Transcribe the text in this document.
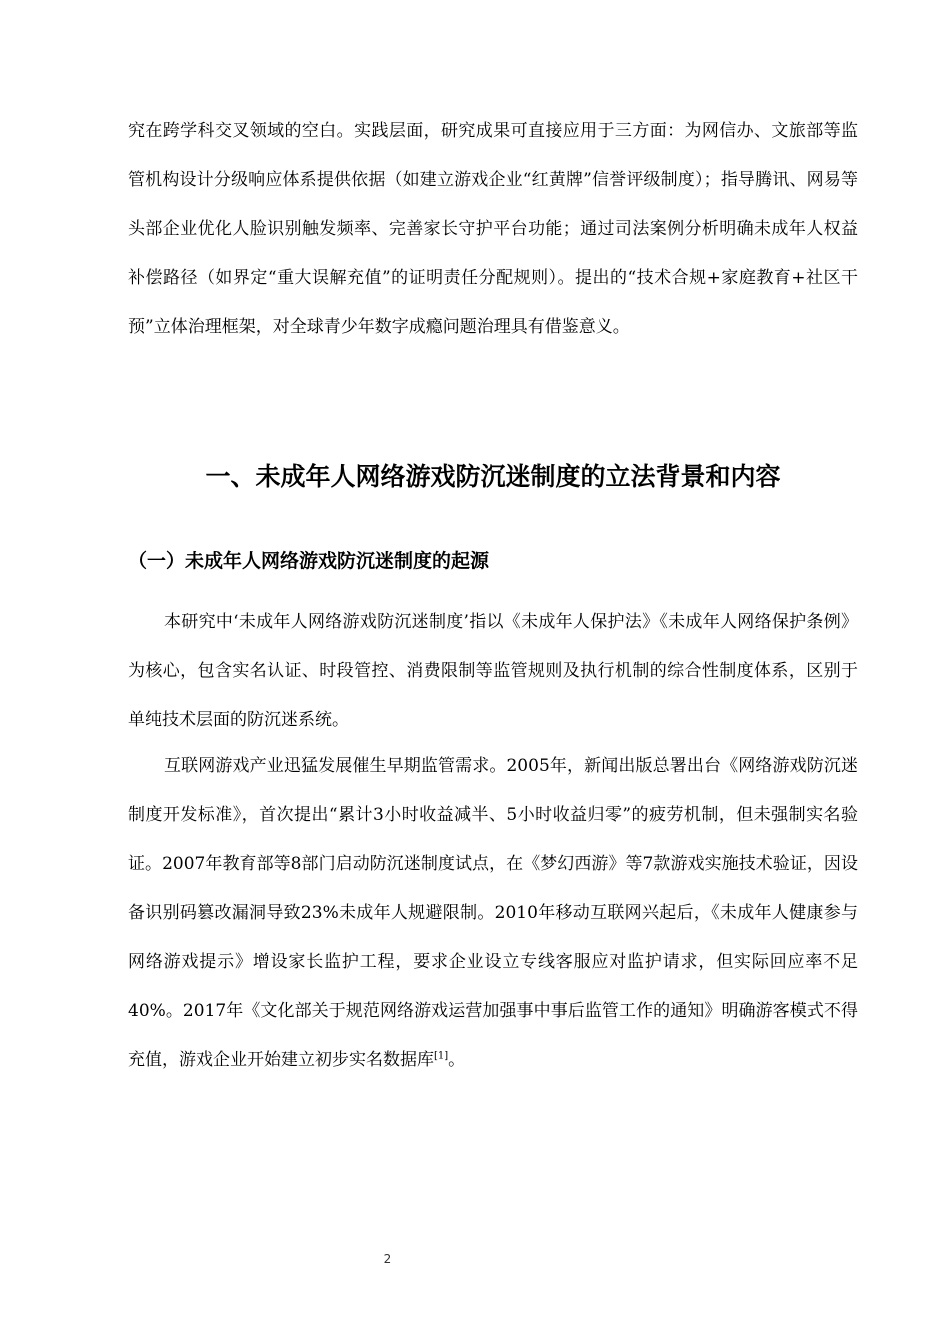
究在跨学科交叉领域的空白。实践层面，研究成果可直接应用于三方面：为网信办、文旅部等监管机构设计分级响应体系提供依据（如建立游戏企业“红黄牌”信誉评级制度）；指导腾讯、网易等头部企业优化人脸识别触发频率、完善家长守护平台功能；通过司法案例分析明确未成年人权益补偿路径（如界定“重大误解充值”的证明责任分配规则）。提出的“技术合规+家庭教育+社区干预”立体治理框架，对全球青少年数字成瘾问题治理具有借鉴意义。

一、未成年人网络游戏防沉迷制度的立法背景和内容
（一）未成年人网络游戏防沉迷制度的起源

本研究中‘未成年人网络游戏防沉迷制度’指以《未成年人保护法》《未成年人网络保护条例》为核心，包含实名认证、时段管控、消费限制等监管规则及执行机制的综合性制度体系，区别于单纯技术层面的防沉迷系统。

互联网游戏产业迅猛发展催生早期监管需求。2005年，新闻出版总署出台《网络游戏防沉迷制度开发标准》，首次提出“累计3小时收益减半、5小时收益归零”的疲劳机制，但未强制实名验证。2007年教育部等8部门启动防沉迷制度试点，在《梦幻西游》等7款游戏实施技术验证，因设备识别码篡改漏洞导致23%未成年人规避限制。2010年移动互联网兴起后，《未成年人健康参与网络游戏提示》增设家长监护工程，要求企业设立专线客服应对监护请求，但实际回应率不足40%。2017年《文化部关于规范网络游戏运营加强事中事后监管工作的通知》明确游客模式不得充值，游戏企业开始建立初步实名数据库[1]。

2
